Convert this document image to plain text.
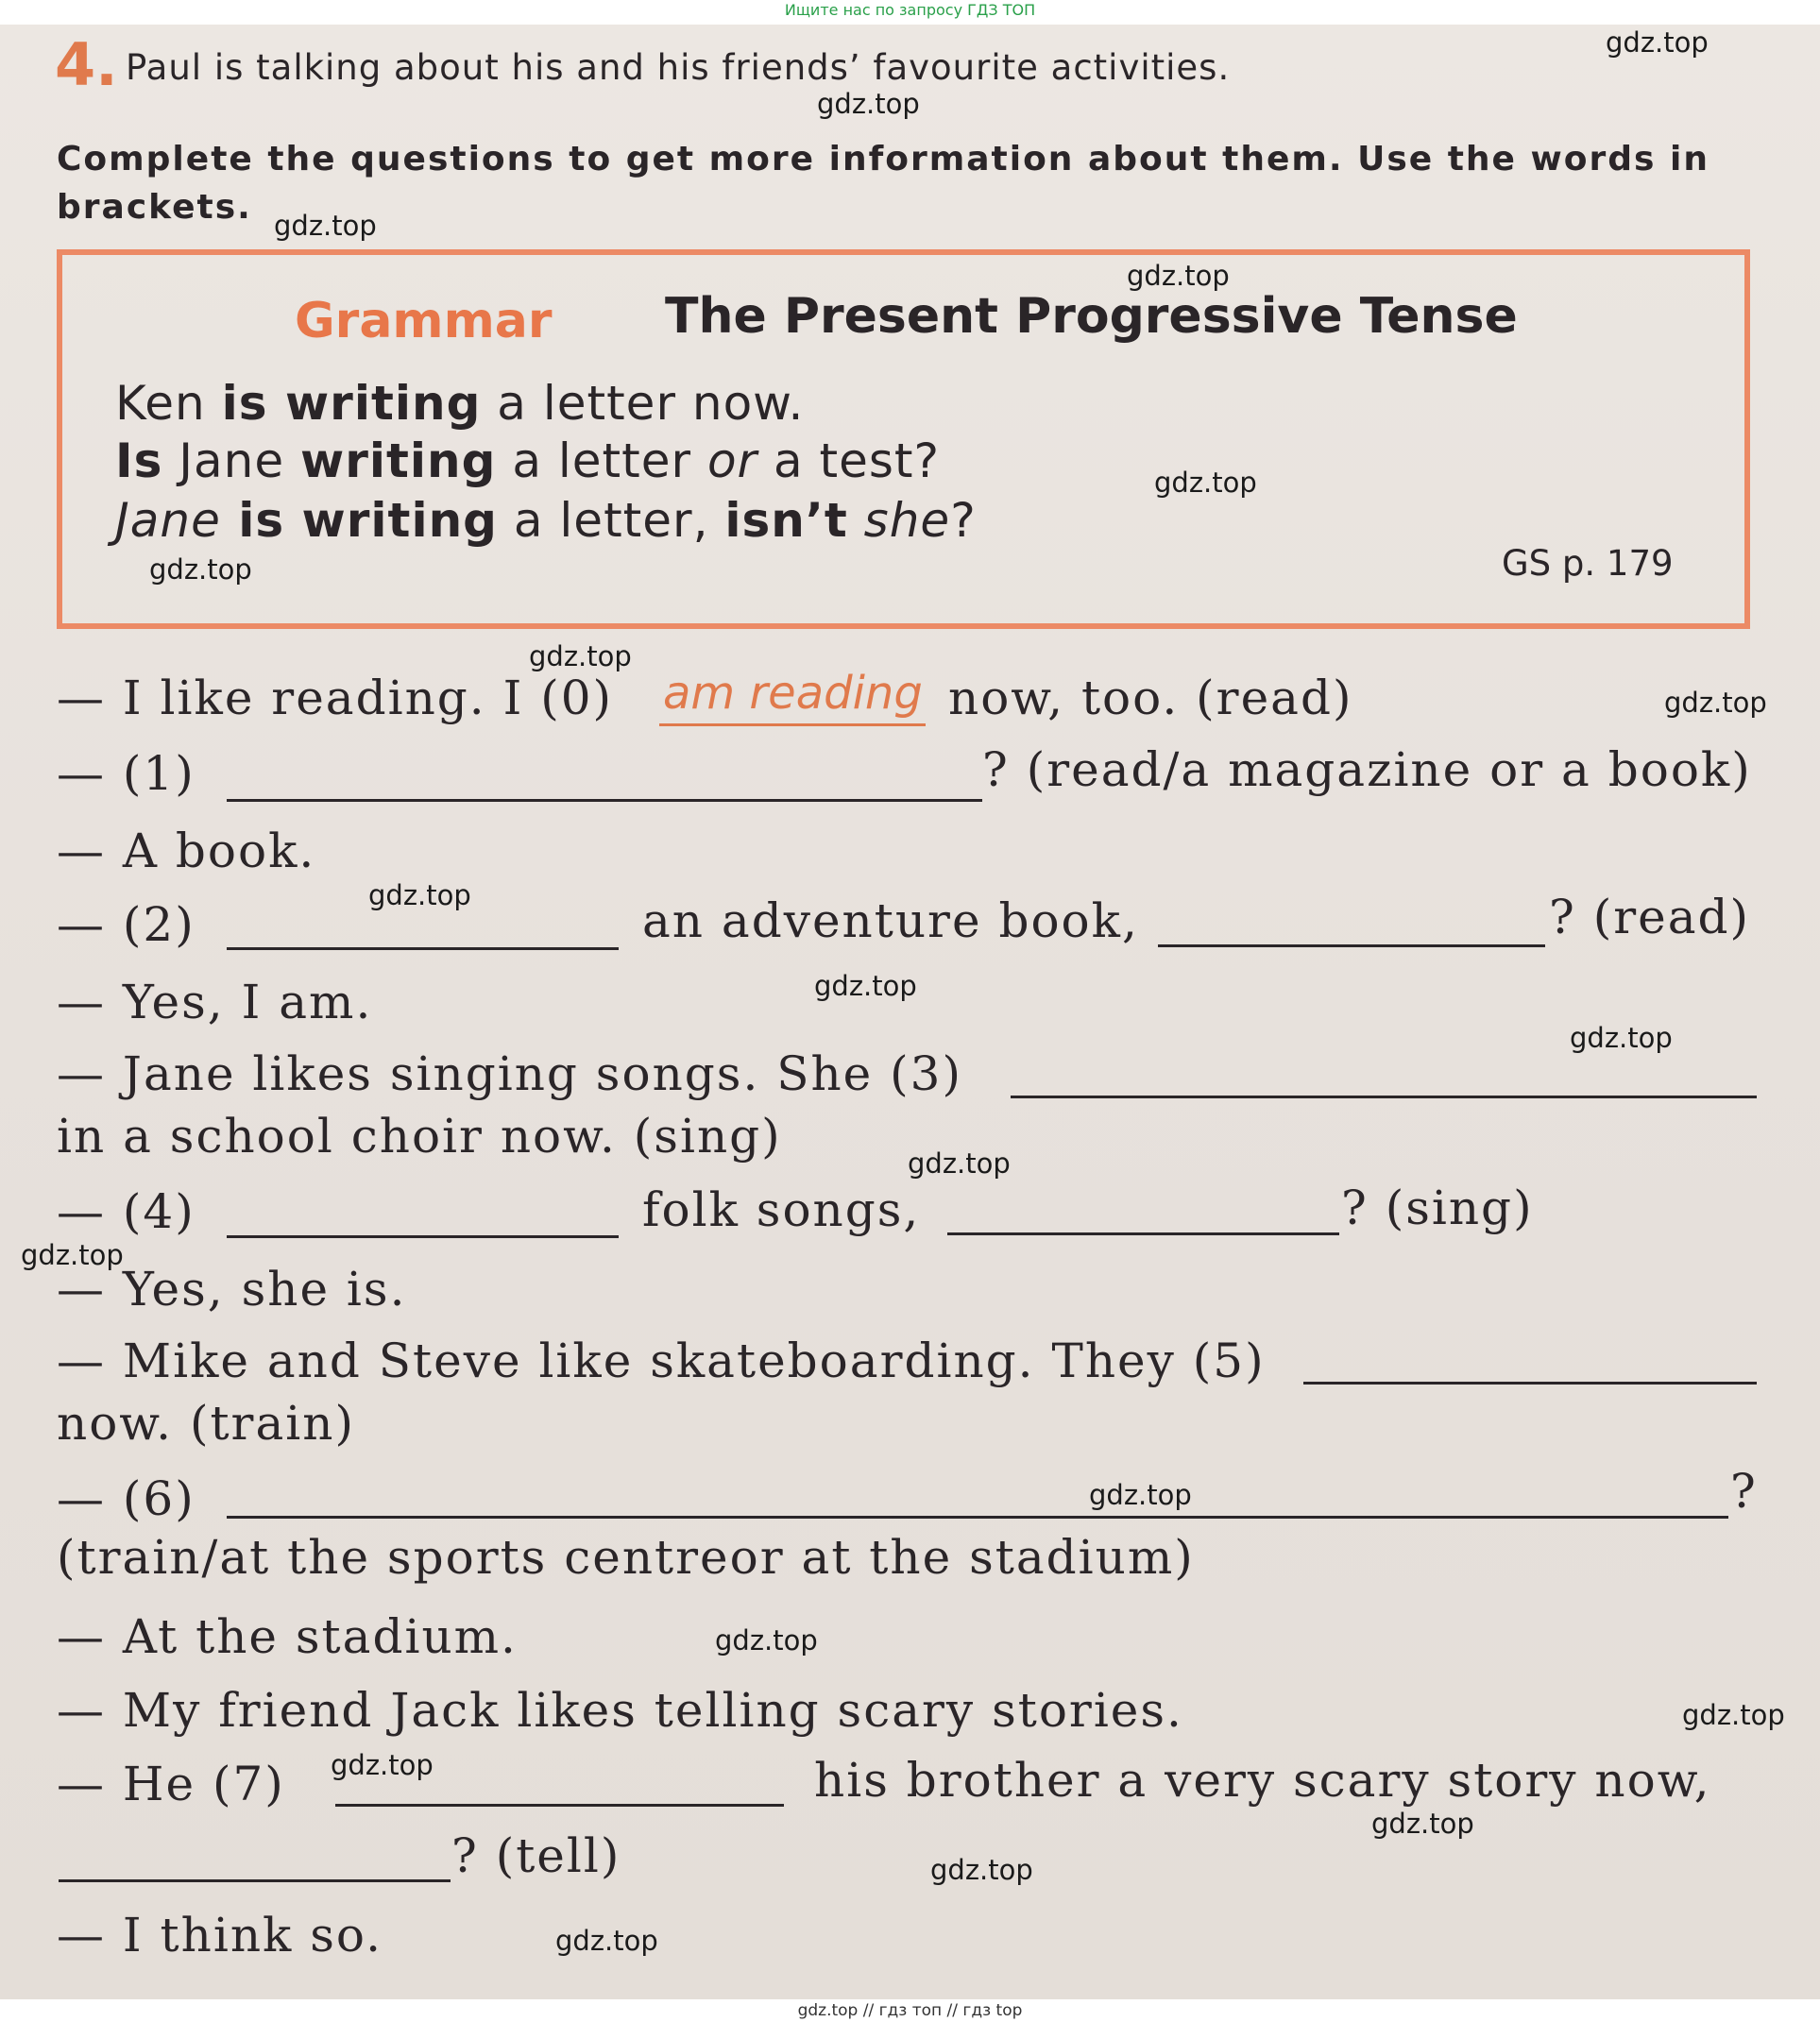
Ищите нас по запросу ГДЗ ТОП
gdz.top
gdz.top
gdz.top
gdz.top
gdz.top
gdz.top
gdz.top
gdz.top
gdz.top
gdz.top
gdz.top
gdz.top
gdz.top
gdz.top
gdz.top
gdz.top
gdz.top
gdz.top
gdz.top
gdz.top
4. Paul is talking about his and his friends’ favourite activities.
Complete the questions to get more information about them. Use the words in
brackets.
Grammar The Present Progressive Tense
Ken is writing a letter now.
Is Jane writing a letter or a test?
Jane is writing a letter, isn’t she?
GS p. 179
— I like reading. I (0) am reading now, too. (read)
— (1)	? (read/a magazine or a book)
— A book.
— (2)	an adventure book,	? (read)
— Yes, I am.
— Jane likes singing songs. She (3)
in a school choir now. (sing)
— (4)	folk songs,	? (sing)
— Yes, she is.
— Mike and Steve like skateboarding. They (5)
now. (train)
— (6)	?
(train/at the sports centreor at the stadium)
— At the stadium.
— My friend Jack likes telling scary stories.
— He (7)	his brother a very scary story now,
? (tell)
— I think so.
gdz.top // гдз топ // гдз top
